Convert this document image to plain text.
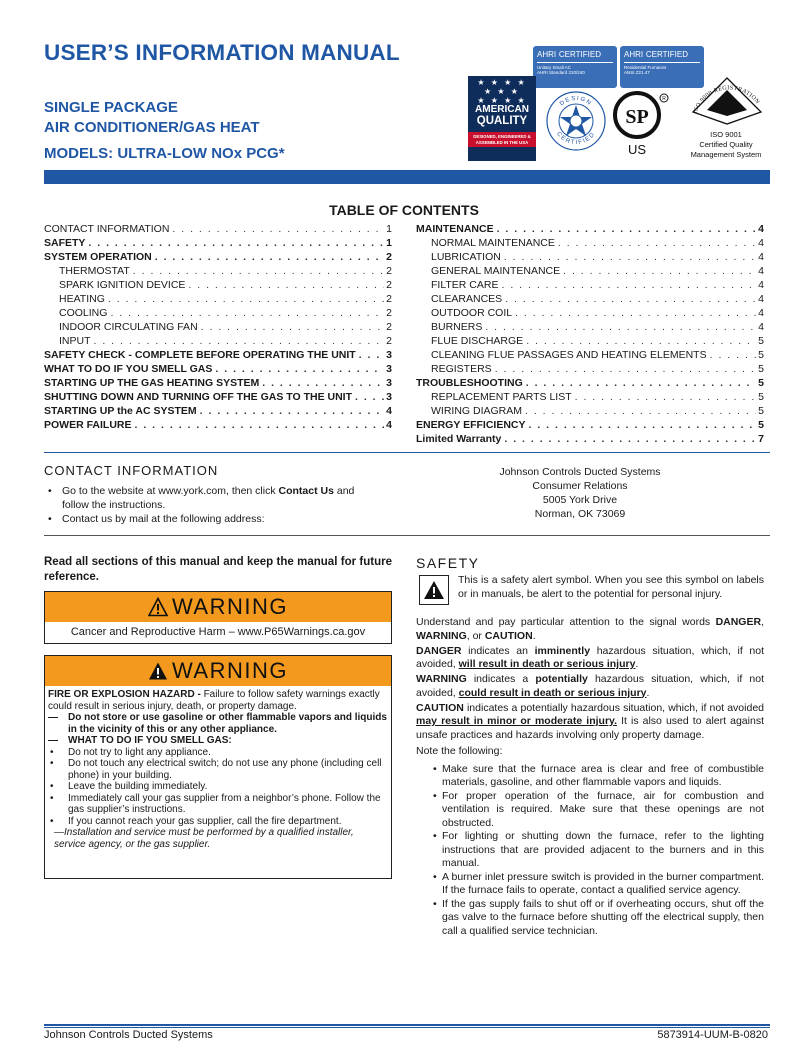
USER’S INFORMATION MANUAL
SINGLE PACKAGE
AIR CONDITIONER/GAS HEAT
MODELS: ULTRA-LOW NOx PCG*
AHRI CERTIFIED
Unitary Small AC
AHRI Standard 210/240
AHRI CERTIFIED
Residential Furnaces
ANSI Z21.47
★ ★ ★ ★
★ ★ ★
★ ★ ★ ★
AMERICAN
QUALITY
DESIGNED, ENGINEERED & ASSEMBLED IN THE USA
DESIGN
CERTIFIED
SP
R
US
ISO 9000 REGISTRATION
ISO 9001
Certified Quality
Management System
TABLE OF CONTENTS
CONTACT INFORMATION . . .	1
SAFETY . . .	1
SYSTEM OPERATION . . .	2
THERMOSTAT . . .	2
SPARK IGNITION DEVICE . . .	2
HEATING . . .	2
COOLING . . .	2
INDOOR CIRCULATING FAN . . .	2
INPUT . . .	2
SAFETY CHECK - COMPLETE BEFORE OPERATING THE UNIT . . .	3
WHAT TO DO IF YOU SMELL GAS . . .	3
STARTING UP THE GAS HEATING SYSTEM . . .	3
SHUTTING DOWN AND TURNING OFF THE GAS TO THE UNIT . . .	3
STARTING UP the AC SYSTEM . . .	4
POWER FAILURE . . .	4
MAINTENANCE . . .	4
NORMAL MAINTENANCE . . .	4
LUBRICATION . . .	4
GENERAL MAINTENANCE . . .	4
FILTER CARE . . .	4
CLEARANCES . . .	4
OUTDOOR COIL . . .	4
BURNERS . . .	4
FLUE DISCHARGE . . .	5
CLEANING FLUE PASSAGES AND HEATING ELEMENTS . . .	5
REGISTERS . . .	5
TROUBLESHOOTING . . .	5
REPLACEMENT PARTS LIST . . .	5
WIRING DIAGRAM . . .	5
ENERGY EFFICIENCY . . .	5
Limited Warranty . . .	7
CONTACT INFORMATION
• Go to the website at www.york.com, then click Contact Us and follow the instructions.
• Contact us by mail at the following address:
Johnson Controls Ducted Systems
Consumer Relations
5005 York Drive
Norman, OK 73069
Read all sections of this manual and keep the manual for future reference.
WARNING
Cancer and Reproductive Harm – www.P65Warnings.ca.gov
WARNING
FIRE OR EXPLOSION HAZARD - Failure to follow safety warnings exactly could result in serious injury, death, or property damage.
—	Do not store or use gasoline or other flammable vapors and liquids in the vicinity of this or any other appliance.
—	WHAT TO DO IF YOU SMELL GAS:
• Do not try to light any appliance.
• Do not touch any electrical switch; do not use any phone (including cell phone) in your building.
• Leave the building immediately.
• Immediately call your gas supplier from a neighbor’s phone. Follow the gas supplier’s instructions.
• If you cannot reach your gas supplier, call the fire department.
—Installation and service must be performed by a qualified installer, service agency, or the gas supplier.
SAFETY
This is a safety alert symbol. When you see this symbol on labels or in manuals, be alert to the potential for personal injury.

Understand and pay particular attention to the signal words DANGER, WARNING, or CAUTION.

DANGER indicates an imminently hazardous situation, which, if not avoided, will result in death or serious injury.

WARNING indicates a potentially hazardous situation, which, if not avoided, could result in death or serious injury.

CAUTION indicates a potentially hazardous situation, which, if not avoided may result in minor or moderate injury. It is also used to alert against unsafe practices and hazards involving only property damage.

Note the following:

• Make sure that the furnace area is clear and free of combustible materials, gasoline, and other flammable vapors and liquids.
• For proper operation of the furnace, air for combustion and ventilation is required. Make sure that these openings are not obstructed.
• For lighting or shutting down the furnace, refer to the lighting instructions that are provided adjacent to the burners and in this manual.
• A burner inlet pressure switch is provided in the burner compartment. If the furnace fails to operate, contact a qualified service agency.
• If the gas supply fails to shut off or if overheating occurs, shut off the gas valve to the furnace before shutting off the electrical supply, then call a qualified service technician.
Johnson Controls Ducted Systems	5873914-UUM-B-0820
